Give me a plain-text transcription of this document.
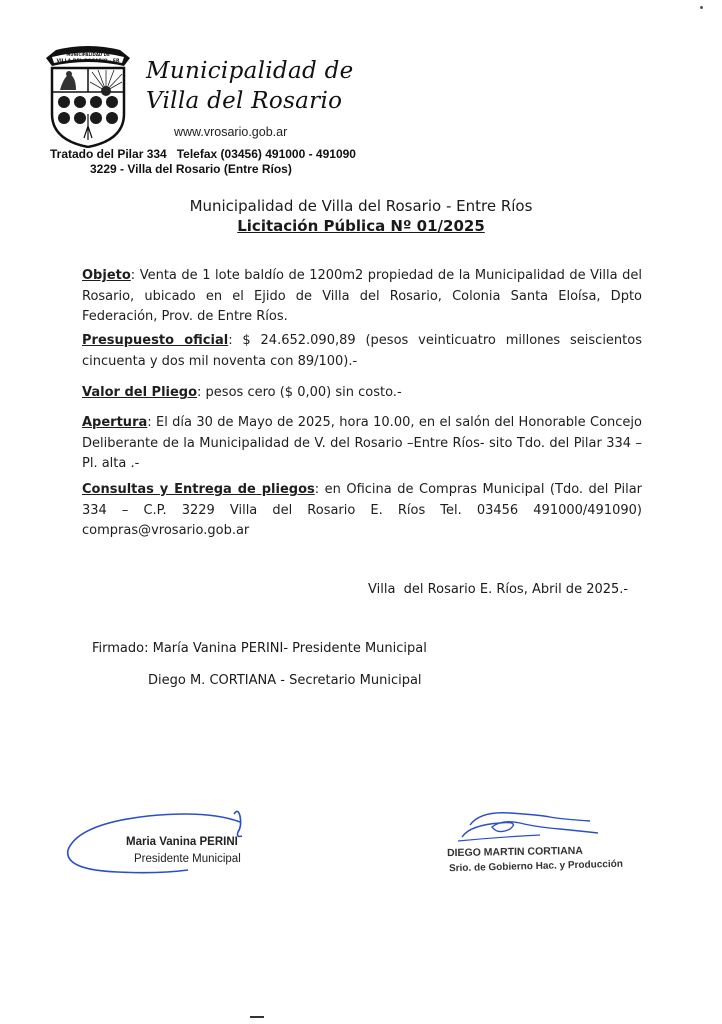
MUNICIPALIDAD DE
VILLA DEL ROSARIO - ER Municipalidad de
Villa del Rosario
www.vrosario.gob.ar
Tratado del Pilar 334   Telefax (03456) 491000 - 491090
3229 - Villa del Rosario (Entre Ríos)
Municipalidad de Villa del Rosario - Entre Ríos
Licitación Pública Nº 01/2025
Objeto: Venta de 1 lote baldío de 1200m2 propiedad de la Municipalidad de Villa del Rosario, ubicado en el Ejido de Villa del Rosario, Colonia Santa Eloísa, Dpto Federación, Prov. de Entre Ríos.
Presupuesto oficial: $ 24.652.090,89 (pesos veinticuatro millones seiscientos cincuenta y dos mil noventa con 89/100).-
Valor del Pliego: pesos cero ($ 0,00) sin costo.-
Apertura: El día 30 de Mayo de 2025, hora 10.00, en el salón del Honorable Concejo Deliberante de la Municipalidad de V. del Rosario –Entre Ríos- sito Tdo. del Pilar 334 – Pl. alta .-
Consultas y Entrega de pliegos: en Oficina de Compras Municipal (Tdo. del Pilar 334 – C.P. 3229 Villa del Rosario E. Ríos Tel. 03456 491000/491090) compras@vrosario.gob.ar
Villa  del Rosario E. Ríos, Abril de 2025.-
Firmado: María Vanina PERINI- Presidente Municipal
Diego M. CORTIANA - Secretario Municipal
Maria Vanina PERINI
Presidente Municipal	DIEGO MARTIN CORTIANA
Srio. de Gobierno Hac. y Producción
